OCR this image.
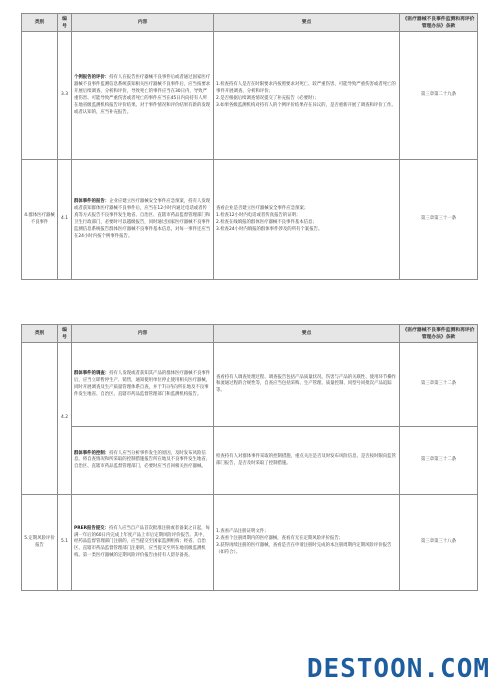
类别	编号	内容	要点	《医疗器械不良事件监测和再评价管理办法》条款
	3.3	个例报告的评价：持有人在报告医疗器械不良事件后或者通过国家医疗器械不良事件监测信息系统获知相关医疗器械不良事件后，应当按要求开展后续调查、分析和评价，导致死亡的事件应当在30日内，导致严重伤害、可能导致严重伤害或者死亡的事件应当在45日内向持有人所在地省级监测机构报告评价结果。对于事件情况和评价结果有新的发现或者认知的，应当补充报告。	1.检查持有人是否在时限要求内按照要求对死亡、较严重伤害、可能导致严重伤害或者死亡的事件开展调查、分析和评价；
2.是否根据后续调查情况提交了补充报告（必要时）；
3.如果各级监测机构对持有人的个例评价结果存在异议的，是否重新开展了调查和评价工作。	第三章第二十九条
4.群体医疗器械不良事件	4.1	群体事件的报告：企业应建立医疗器械安全事件应急预案，持有人发现或者获知群体医疗器械不良事件后，应当在12小时内通过电话或者传真等方式报告不良事件发生地省、自治区、直辖市药品监督管理部门和卫生行政部门，必要时可以越级报告，同时通过国家医疗器械不良事件监测信息系统报告群体医疗器械不良事件基本信息，对每一事件还应当在24小时内按个例事件报告。	查看企业是否建立医疗器械安全事件应急预案；
1.检查12小时内电话或者传真报告的证明；
2.检查在线填报的群体医疗器械不良事件基本信息；
3.检查24小时内填报的群体事件涉及的所有个案报告。	第三章第三十一条
类别	编号	内容	要点	《医疗器械不良事件监测和再评价管理办法》条款
	4.2	群体事件的调查：持有人发现或者获知其产品的群体医疗器械不良事件后，应当立即暂停生产、销售，通知使用单位停止使用相关医疗器械，同时开展调查及生产质量管理体系自查，并于7日内向所在地及不良事件发生地省、自治区、直辖市药品监督管理部门和监测机构报告。	查看持有人调查处理过程、调查报告包括产品质量状况、伤害与产品的关联性、使用环节操作和流通过程的合规性等，自查应当包括采购、生产管理、质量控制、同型号同批次产品追踪等。	第三章第三十二条
		群体事件的控制：持有人应当分析事件发生的原因，及时发布风险信息，将自查情况和所采取的控制措施报告所在地及不良事件发生地省、自治区、直辖市药品监督管理部门，必要时应当召回相关医疗器械。	检查持有人对群体事件采取的控制措施，重点关注是否及时发布风险信息，是否按时限向监管部门报告，是否及时采取了控制措施。	第三章第三十二条
5.定期风险评价报告	5.1	PRER报告提交：持有人应当自产品首次批准注册或者备案之日起，每满一年后的60日内完成上年度产品上市后定期风险评价报告。其中，经药品监督管理部门注册的，应当提交至国家监测机构；经省、自治区、直辖市药品监督管理部门注册的，应当提交至所在地省级监测机构。第一类医疗器械的定期风险评价报告由持有人留存备查。	1.查看产品注册证明文件；
2.查看个注册周期内的医疗器械，查看有无在定期风险评价报告；
3.获得再续注册的医疗器械，查看是否在申请注册时完成的本注册周期内定期风险评价报告（如符合）。	第三章第三十八条
DESTOON.COM
